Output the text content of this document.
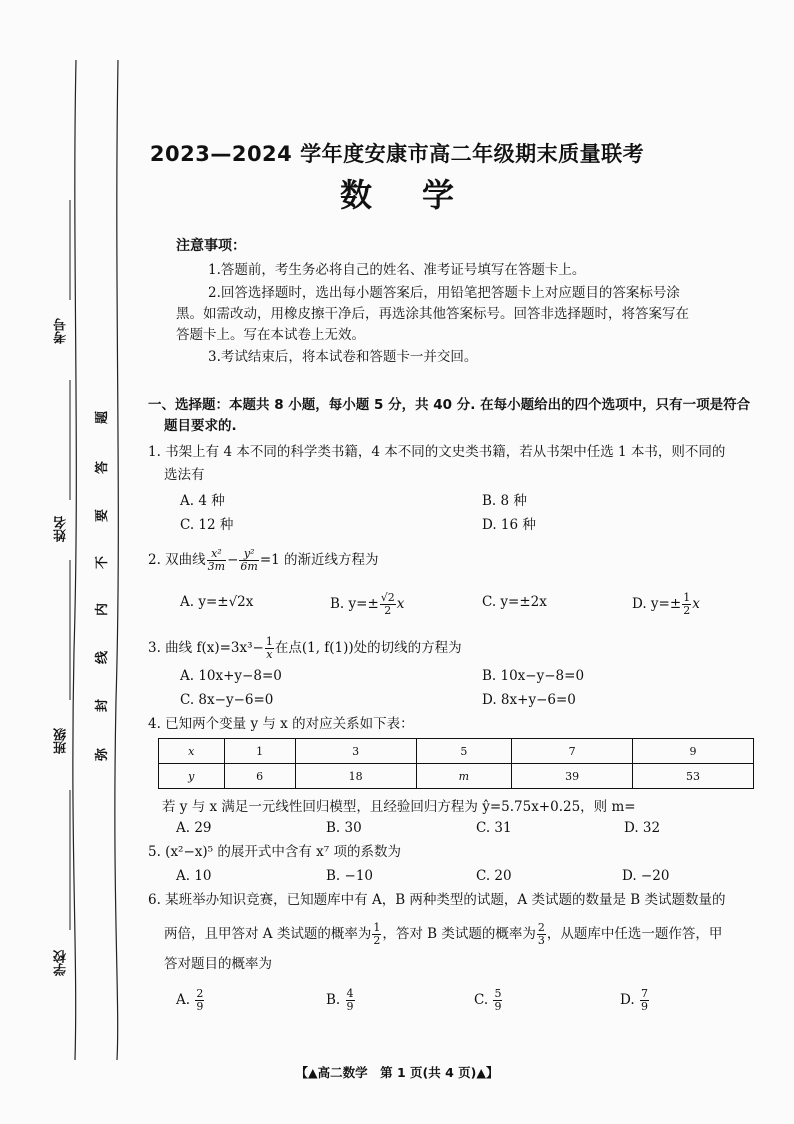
考号
姓名
班级
学校
题
答
要
不
内
线
封
弥
2023—2024 学年度安康市高二年级期末质量联考
数学
注意事项：
1.答题前，考生务必将自己的姓名、准考证号填写在答题卡上。
2.回答选择题时，选出每小题答案后，用铅笔把答题卡上对应题目的答案标号涂
黑。如需改动，用橡皮擦干净后，再选涂其他答案标号。回答非选择题时，将答案写在
答题卡上。写在本试卷上无效。
3.考试结束后，将本试卷和答题卡一并交回。
一、选择题：本题共 8 小题，每小题 5 分，共 40 分. 在每小题给出的四个选项中，只有一项是符合
题目要求的.
1. 书架上有 4 本不同的科学类书籍，4 本不同的文史类书籍，若从书架中任选 1 本书，则不同的
选法有
A. 4 种	B. 8 种
C. 12 种	D. 16 种
2. 双曲线 $\frac{\text{x²}}{3m} - \frac{\text{y²}}{6m} =1$ 的渐近线方程为
A. y=±√2x	B. $y=\pm \frac{√2}{2}$ x	C. y=±2x	D. $y=\pm \frac{1}{2}$ x
3. 曲线 $f(x)=3x^3- \frac{1}{x}$ 在点(1, f(1))处的切线的方程为
A. 10x+y−8=0	B. 10x−y−8=0
C. 8x−y−6=0	D. 8x+y−6=0
4. 已知两个变量 y 与 x 的对应关系如下表：
x	1	3	5	7	9
y	6	18	m	39	53
若 y 与 x 满足一元线性回归模型，且经验回归方程为 ŷ=5.75x+0.25，则 m=
A. 29	B. 30	C. 31	D. 32
5. (x²−x)⁵ 的展开式中含有 x⁷ 项的系数为
A. 10	B. −10	C. 20	D. −20
6. 某班举办知识竞赛，已知题库中有 A，B 两种类型的试题，A 类试题的数量是 B 类试题数量的
两倍，且甲答对 A 类试题的概率为 $\frac{1}{2}$ ，答对 B 类试题的概率为 $\frac{2}{3}$ ，从题库中任选一题作答，甲
答对题目的概率为
A. $\frac{2}{9}$	B. $\frac{4}{9}$	C. $\frac{5}{9}$	D. $\frac{7}{9}$
【▲高二数学　第 1 页(共 4 页)▲】
